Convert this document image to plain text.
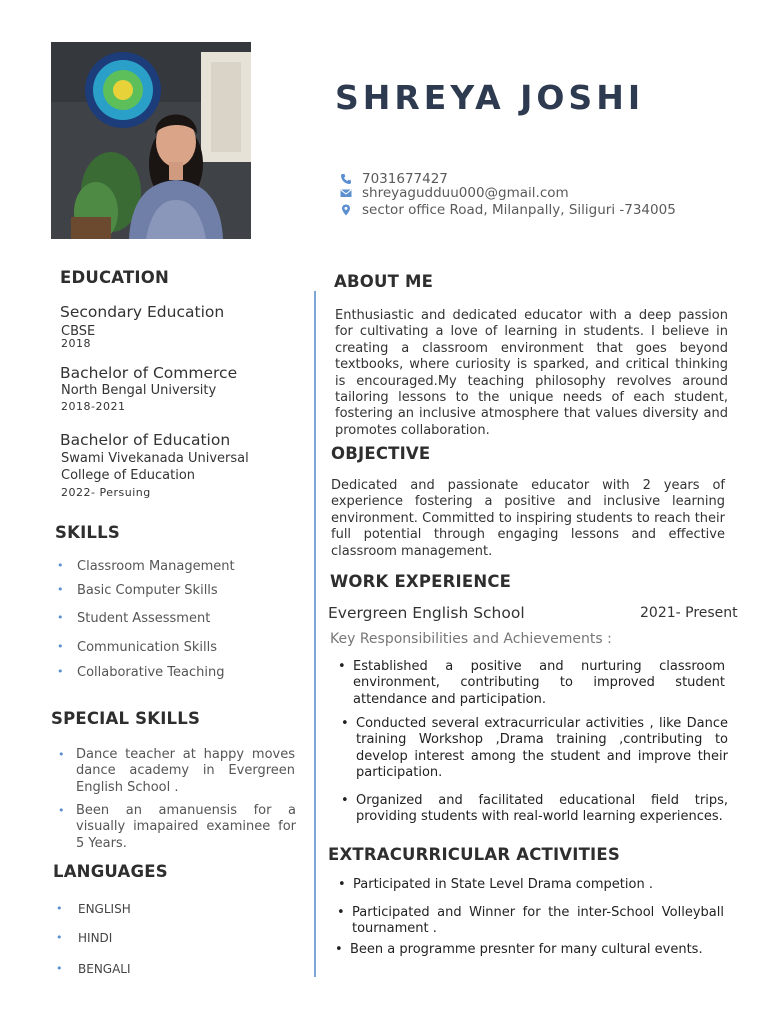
SHREYA JOSHI
7031677427
shreyagudduu000@gmail.com
sector office Road, Milanpally, Siliguri -734005
EDUCATION
Secondary Education
CBSE
2018
Bachelor of Commerce
North Bengal University
2018-2021
Bachelor of Education
Swami Vivekanada Universal
College of Education
2022- Persuing
SKILLS
• Classroom Management
• Basic Computer Skills
• Student Assessment
• Communication Skills
• Collaborative Teaching
SPECIAL SKILLS
• Dance teacher at happy moves dance academy in Evergreen English School .
• Been an amanuensis for a visually imapaired examinee for 5 Years.
LANGUAGES
• ENGLISH
• HINDI
• BENGALI
ABOUT ME
Enthusiastic and dedicated educator with a deep passion for cultivating a love of learning in students. I believe in creating a classroom environment that goes beyond textbooks, where curiosity is sparked, and critical thinking is encouraged.My teaching philosophy revolves around tailoring lessons to the unique needs of each student, fostering an inclusive atmosphere that values diversity and promotes collaboration.
OBJECTIVE
Dedicated and passionate educator with 2 years of experience fostering a positive and inclusive learning environment. Committed to inspiring students to reach their full potential through engaging lessons and effective classroom management.
WORK EXPERIENCE
Evergreen English School	2021- Present
Key Responsibilities and Achievements :
• Established a positive and nurturing classroom environment, contributing to improved student attendance and participation.
• Conducted several extracurricular activities , like Dance training Workshop ,Drama training ,contributing to develop interest among the student and improve their participation.
• Organized and facilitated educational field trips, providing students with real-world learning experiences.
EXTRACURRICULAR ACTIVITIES
• Participated in State Level Drama competion .
• Participated and Winner for the inter-School Volleyball tournament .
• Been a programme presnter for many cultural events.
